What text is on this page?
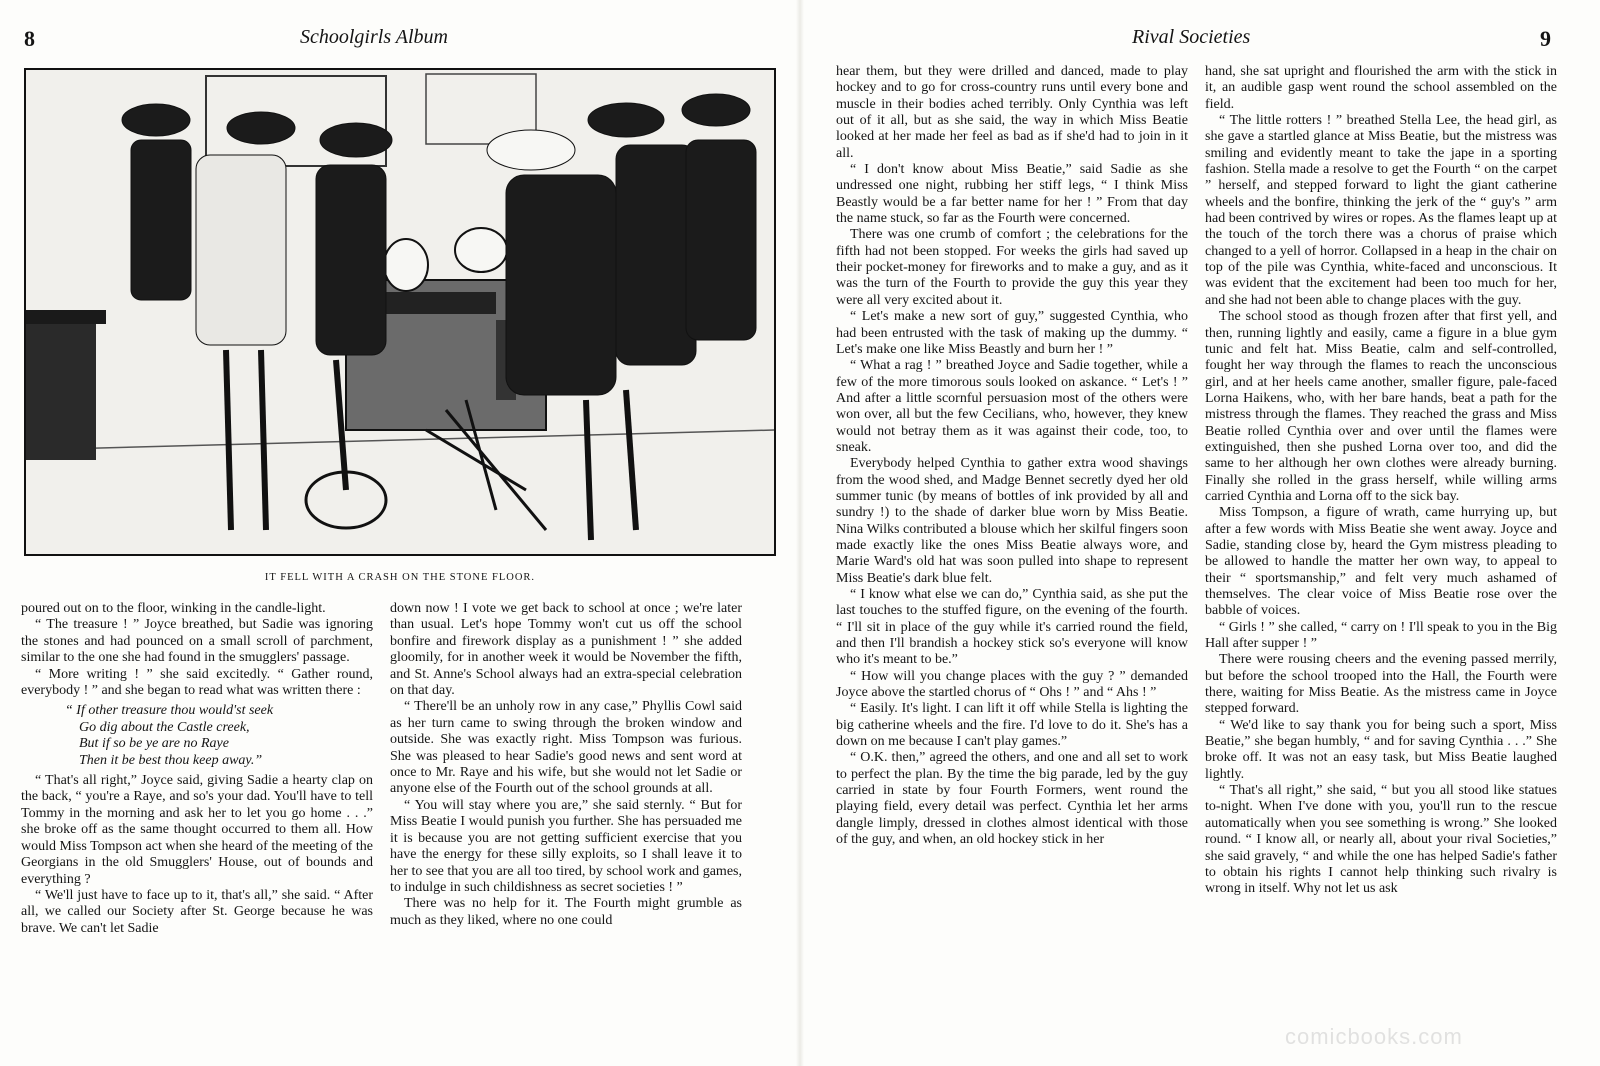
8	Schoolgirls Album
IT FELL WITH A CRASH ON THE STONE FLOOR.

poured out on to the floor, winking in the candle-light.

“ The treasure ! ” Joyce breathed, but Sadie was ignoring the stones and had pounced on a small scroll of parchment, similar to the one she had found in the smugglers' passage.

“ More writing ! ” she said excitedly. “ Gather round, everybody ! ” and she began to read what was written there :

“ If other treasure thou would'st seek
Go dig about the Castle creek,
But if so be ye are no Raye
Then it be best thou keep away.”

“ That's all right,” Joyce said, giving Sadie a hearty clap on the back, “ you're a Raye, and so's your dad. You'll have to tell Tommy in the morning and ask her to let you go home . . .” she broke off as the same thought occurred to them all. How would Miss Tompson act when she heard of the meeting of the Georgians in the old Smugglers' House, out of bounds and everything ?

“ We'll just have to face up to it, that's all,” she said. “ After all, we called our Society after St. George because he was brave. We can't let Sadie

down now ! I vote we get back to school at once ; we're later than usual. Let's hope Tommy won't cut us off the school bonfire and firework display as a punishment ! ” she added gloomily, for in another week it would be November the fifth, and St. Anne's School always had an extra-special celebration on that day.

“ There'll be an unholy row in any case,” Phyllis Cowl said as her turn came to swing through the broken window and outside. She was exactly right. Miss Tompson was furious. She was pleased to hear Sadie's good news and sent word at once to Mr. Raye and his wife, but she would not let Sadie or anyone else of the Fourth out of the school grounds at all.

“ You will stay where you are,” she said sternly. “ But for Miss Beatie I would punish you further. She has persuaded me it is because you are not getting sufficient exercise that you have the energy for these silly exploits, so I shall leave it to her to see that you are all too tired, by school work and games, to indulge in such childishness as secret societies ! ”

There was no help for it. The Fourth might grumble as much as they liked, where no one could

Rival Societies	9

hear them, but they were drilled and danced, made to play hockey and to go for cross-country runs until every bone and muscle in their bodies ached terribly. Only Cynthia was left out of it all, but as she said, the way in which Miss Beatie looked at her made her feel as bad as if she'd had to join in it all.

“ I don't know about Miss Beatie,” said Sadie as she undressed one night, rubbing her stiff legs, “ I think Miss Beastly would be a far better name for her ! ” From that day the name stuck, so far as the Fourth were concerned.

There was one crumb of comfort ; the celebrations for the fifth had not been stopped. For weeks the girls had saved up their pocket-money for fireworks and to make a guy, and as it was the turn of the Fourth to provide the guy this year they were all very excited about it.

“ Let's make a new sort of guy,” suggested Cynthia, who had been entrusted with the task of making up the dummy. “ Let's make one like Miss Beastly and burn her ! ”

“ What a rag ! ” breathed Joyce and Sadie together, while a few of the more timorous souls looked on askance. “ Let's ! ” And after a little scornful persuasion most of the others were won over, all but the few Cecilians, who, however, they knew would not betray them as it was against their code, too, to sneak.

Everybody helped Cynthia to gather extra wood shavings from the wood shed, and Madge Bennet secretly dyed her old summer tunic (by means of bottles of ink provided by all and sundry !) to the shade of darker blue worn by Miss Beatie. Nina Wilks contributed a blouse which her skilful fingers soon made exactly like the ones Miss Beatie always wore, and Marie Ward's old hat was soon pulled into shape to represent Miss Beatie's dark blue felt.

“ I know what else we can do,” Cynthia said, as she put the last touches to the stuffed figure, on the evening of the fourth. “ I'll sit in place of the guy while it's carried round the field, and then I'll brandish a hockey stick so's everyone will know who it's meant to be.”

“ How will you change places with the guy ? ” demanded Joyce above the startled chorus of “ Ohs ! ” and “ Ahs ! ”

“ Easily. It's light. I can lift it off while Stella is lighting the big catherine wheels and the fire. I'd love to do it. She's has a down on me because I can't play games.”

“ O.K. then,” agreed the others, and one and all set to work to perfect the plan. By the time the big parade, led by the guy carried in state by four Fourth Formers, went round the playing field, every detail was perfect. Cynthia let her arms dangle limply, dressed in clothes almost identical with those of the guy, and when, an old hockey stick in her

hand, she sat upright and flourished the arm with the stick in it, an audible gasp went round the school assembled on the field.

“ The little rotters ! ” breathed Stella Lee, the head girl, as she gave a startled glance at Miss Beatie, but the mistress was smiling and evidently meant to take the jape in a sporting fashion. Stella made a resolve to get the Fourth “ on the carpet ” herself, and stepped forward to light the giant catherine wheels and the bonfire, thinking the jerk of the “ guy's ” arm had been contrived by wires or ropes. As the flames leapt up at the touch of the torch there was a chorus of praise which changed to a yell of horror. Collapsed in a heap in the chair on top of the pile was Cynthia, white-faced and unconscious. It was evident that the excitement had been too much for her, and she had not been able to change places with the guy.

The school stood as though frozen after that first yell, and then, running lightly and easily, came a figure in a blue gym tunic and felt hat. Miss Beatie, calm and self-controlled, fought her way through the flames to reach the unconscious girl, and at her heels came another, smaller figure, pale-faced Lorna Haikens, who, with her bare hands, beat a path for the mistress through the flames. They reached the grass and Miss Beatie rolled Cynthia over and over until the flames were extinguished, then she pushed Lorna over too, and did the same to her although her own clothes were already burning. Finally she rolled in the grass herself, while willing arms carried Cynthia and Lorna off to the sick bay.

Miss Tompson, a figure of wrath, came hurrying up, but after a few words with Miss Beatie she went away. Joyce and Sadie, standing close by, heard the Gym mistress pleading to be allowed to handle the matter her own way, to appeal to their “ sportsmanship,” and felt very much ashamed of themselves. The clear voice of Miss Beatie rose over the babble of voices.

“ Girls ! ” she called, “ carry on ! I'll speak to you in the Big Hall after supper ! ”

There were rousing cheers and the evening passed merrily, but before the school trooped into the Hall, the Fourth were there, waiting for Miss Beatie. As the mistress came in Joyce stepped forward.

“ We'd like to say thank you for being such a sport, Miss Beatie,” she began humbly, “ and for saving Cynthia . . .” She broke off. It was not an easy task, but Miss Beatie laughed lightly.

“ That's all right,” she said, “ but you all stood like statues to-night. When I've done with you, you'll run to the rescue automatically when you see something is wrong.” She looked round. “ I know all, or nearly all, about your rival Societies,” she said gravely, “ and while the one has helped Sadie's father to obtain his rights I cannot help thinking such rivalry is wrong in itself. Why not let us ask

comicbooks.com
